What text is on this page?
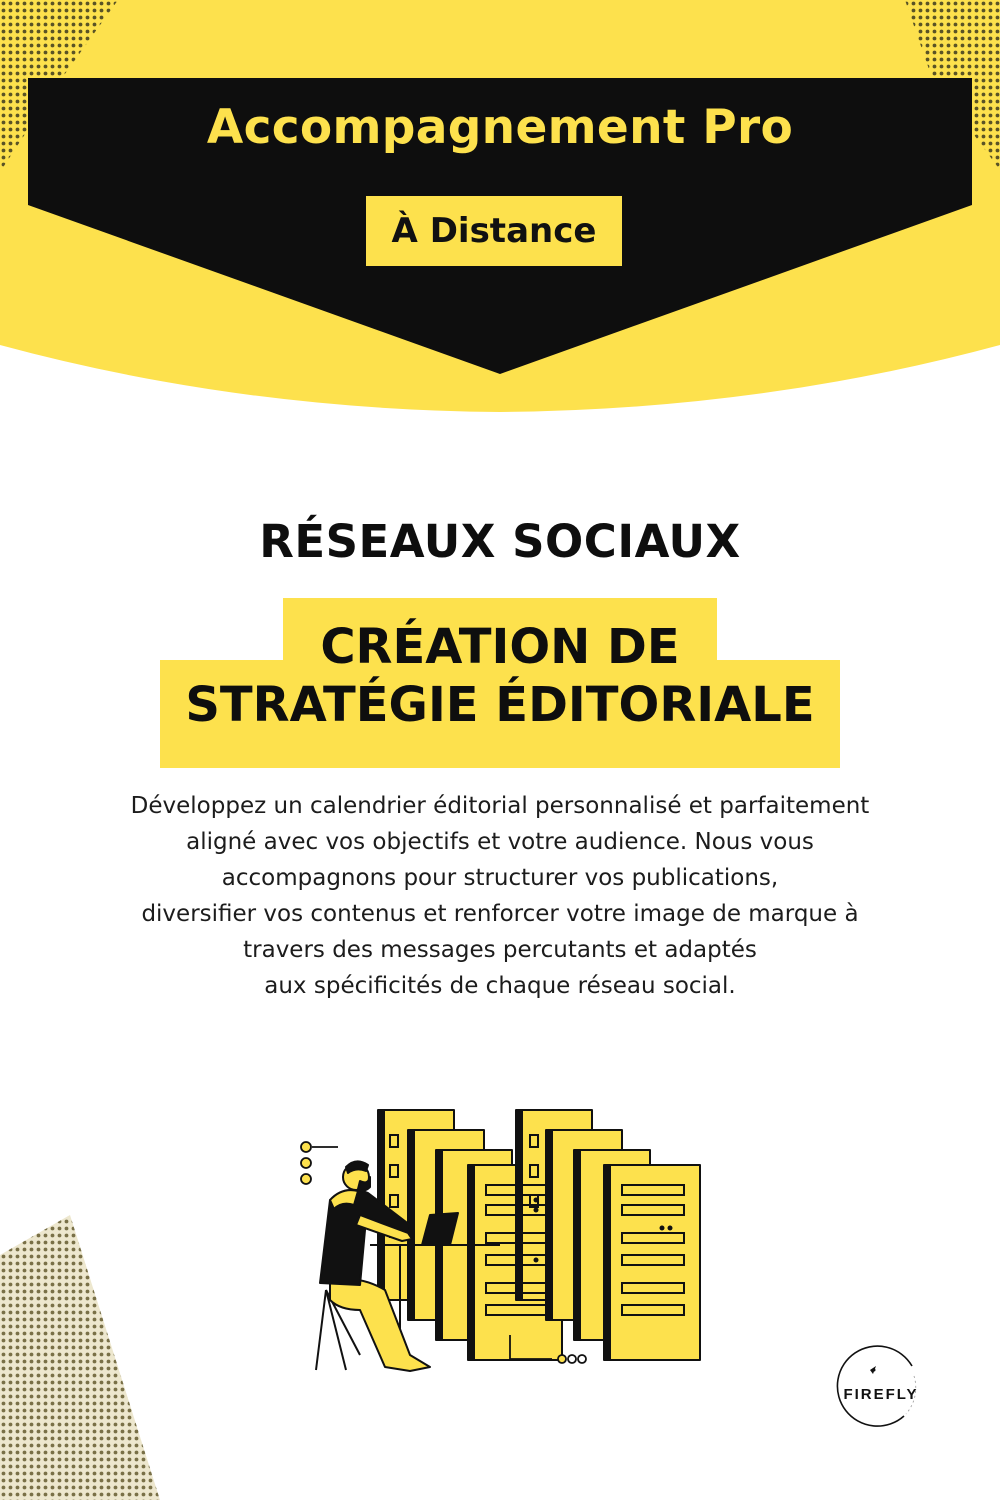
Accompagnement Pro
À Distance
RÉSEAUX SOCIAUX
CRÉATION DE
STRATÉGIE ÉDITORIALE
Développez un calendrier éditorial personnalisé et parfaitement
aligné avec vos objectifs et votre audience. Nous vous
accompagnons pour structurer vos publications,
diversifier vos contenus et renforcer votre image de marque à
travers des messages percutants et adaptés
aux spécificités de chaque réseau social.
FIREFLY
